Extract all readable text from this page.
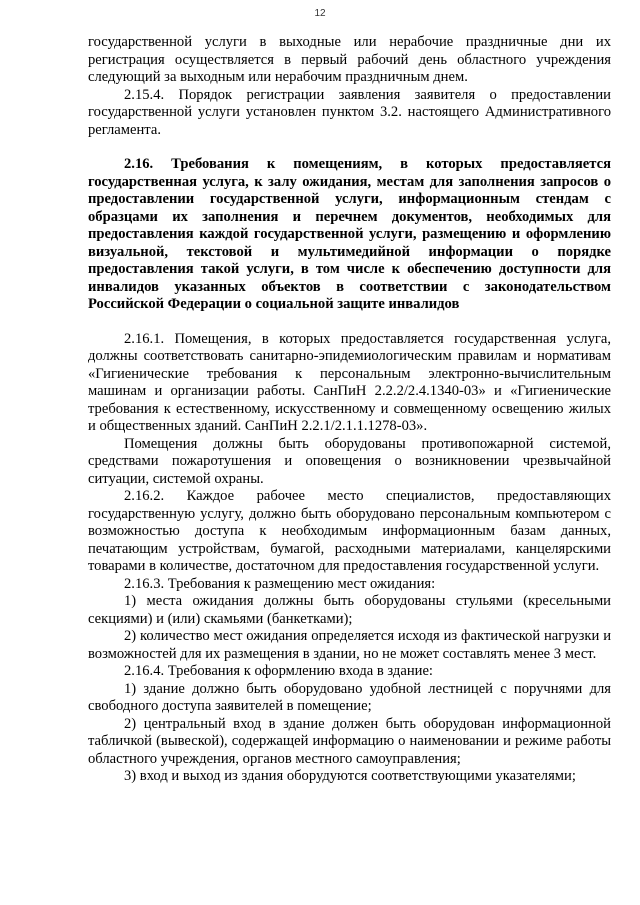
12

государственной услуги в выходные или нерабочие праздничные дни их регистрация осуществляется в первый рабочий день областного учреждения следующий за выходным или нерабочим праздничным днем.

2.15.4. Порядок регистрации заявления заявителя о предоставлении государственной услуги установлен пунктом 3.2. настоящего Административного регламента.

2.16. Требования к помещениям, в которых предоставляется государственная услуга, к залу ожидания, местам для заполнения запросов о предоставлении государственной услуги, информационным стендам с образцами их заполнения и перечнем документов, необходимых для предоставления каждой государственной услуги, размещению и оформлению визуальной, текстовой и мультимедийной информации о порядке предоставления такой услуги, в том числе к обеспечению доступности для инвалидов указанных объектов в соответствии с законодательством Российской Федерации о социальной защите инвалидов

2.16.1. Помещения, в которых предоставляется государственная услуга, должны соответствовать санитарно-эпидемиологическим правилам и нормативам «Гигиенические требования к персональным электронно-вычислительным машинам и организации работы. СанПиН 2.2.2/2.4.1340-03» и «Гигиенические требования к естественному, искусственному и совмещенному освещению жилых и общественных зданий. СанПиН 2.2.1/2.1.1.1278-03».

Помещения должны быть оборудованы противопожарной системой, средствами пожаротушения и оповещения о возникновении чрезвычайной ситуации, системой охраны.

2.16.2. Каждое рабочее место специалистов, предоставляющих государственную услугу, должно быть оборудовано персональным компьютером с возможностью доступа к необходимым информационным базам данных, печатающим устройствам, бумагой, расходными материалами, канцелярскими товарами в количестве, достаточном для предоставления государственной услуги.

2.16.3. Требования к размещению мест ожидания:

1) места ожидания должны быть оборудованы стульями (кресельными секциями) и (или) скамьями (банкетками);

2) количество мест ожидания определяется исходя из фактической нагрузки и возможностей для их размещения в здании, но не может составлять менее 3 мест.

2.16.4. Требования к оформлению входа в здание:

1) здание должно быть оборудовано удобной лестницей с поручнями для свободного доступа заявителей в помещение;

2) центральный вход в здание должен быть оборудован информационной табличкой (вывеской), содержащей информацию о наименовании и режиме работы областного учреждения, органов местного самоуправления;

3) вход и выход из здания оборудуются соответствующими указателями;
